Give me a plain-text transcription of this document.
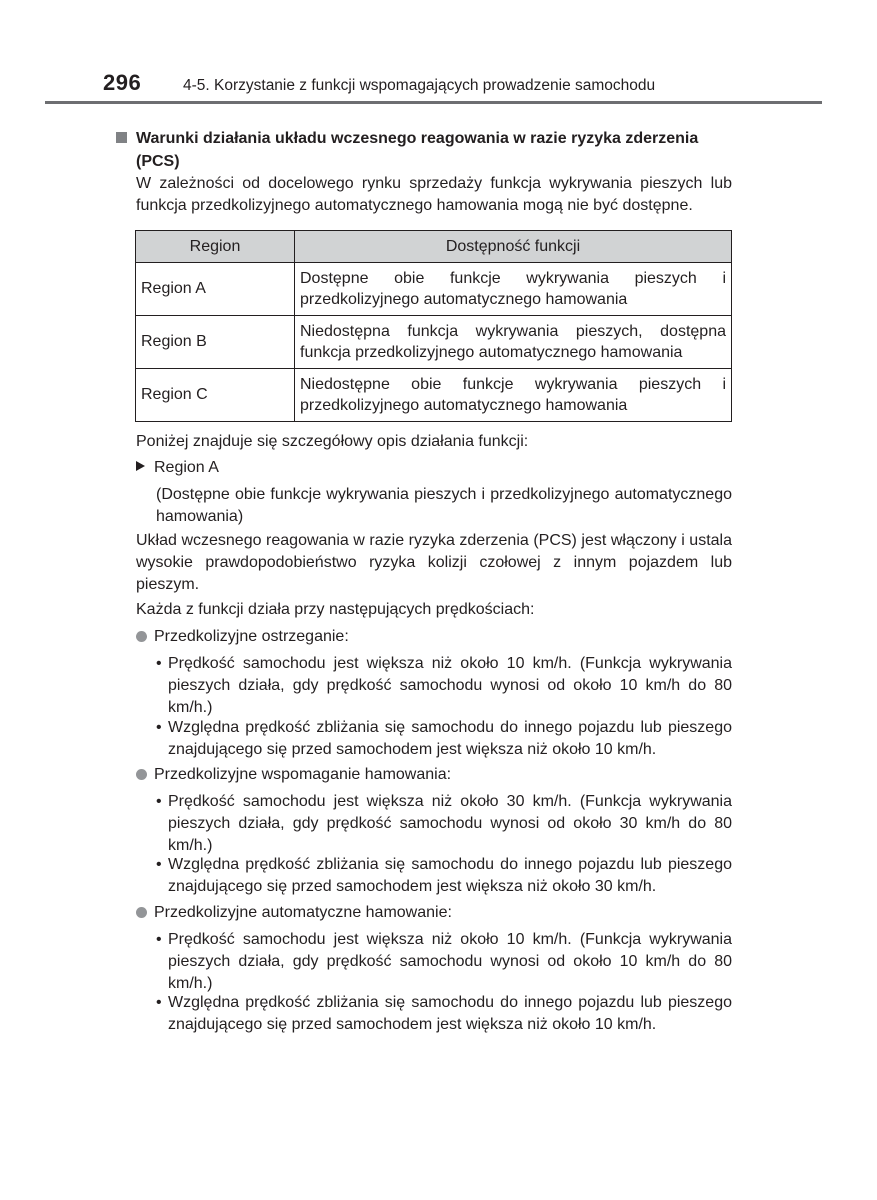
296	4-5. Korzystanie z funkcji wspomagających prowadzenie samochodu
Warunki działania układu wczesnego reagowania w razie ryzyka zderzenia (PCS)
W zależności od docelowego rynku sprzedaży funkcja wykrywania pieszych lub funkcja przedkolizyjnego automatycznego hamowania mogą nie być dostępne.
Region	Dostępność funkcji
Region A	Dostępne obie funkcje wykrywania pieszych i przedkolizyjnego automatycznego hamowania
Region B	Niedostępna funkcja wykrywania pieszych, dostępna funkcja przedkolizyjnego automatycznego hamowania
Region C	Niedostępne obie funkcje wykrywania pieszych i przedkolizyjnego automatycznego hamowania
Poniżej znajduje się szczegółowy opis działania funkcji:
Region A
(Dostępne obie funkcje wykrywania pieszych i przedkolizyjnego automatycznego hamowania)
Układ wczesnego reagowania w razie ryzyka zderzenia (PCS) jest włączony i ustala wysokie prawdopodobieństwo ryzyka kolizji czołowej z innym pojazdem lub pieszym.
Każda z funkcji działa przy następujących prędkościach:
Przedkolizyjne ostrzeganie:
• Prędkość samochodu jest większa niż około 10 km/h. (Funkcja wykrywania pieszych działa, gdy prędkość samochodu wynosi od około 10 km/h do 80 km/h.)
• Względna prędkość zbliżania się samochodu do innego pojazdu lub pieszego znajdującego się przed samochodem jest większa niż około 10 km/h.
Przedkolizyjne wspomaganie hamowania:
• Prędkość samochodu jest większa niż około 30 km/h. (Funkcja wykrywania pieszych działa, gdy prędkość samochodu wynosi od około 30 km/h do 80 km/h.)
• Względna prędkość zbliżania się samochodu do innego pojazdu lub pieszego znajdującego się przed samochodem jest większa niż około 30 km/h.
Przedkolizyjne automatyczne hamowanie:
• Prędkość samochodu jest większa niż około 10 km/h. (Funkcja wykrywania pieszych działa, gdy prędkość samochodu wynosi od około 10 km/h do 80 km/h.)
• Względna prędkość zbliżania się samochodu do innego pojazdu lub pieszego znajdującego się przed samochodem jest większa niż około 10 km/h.
